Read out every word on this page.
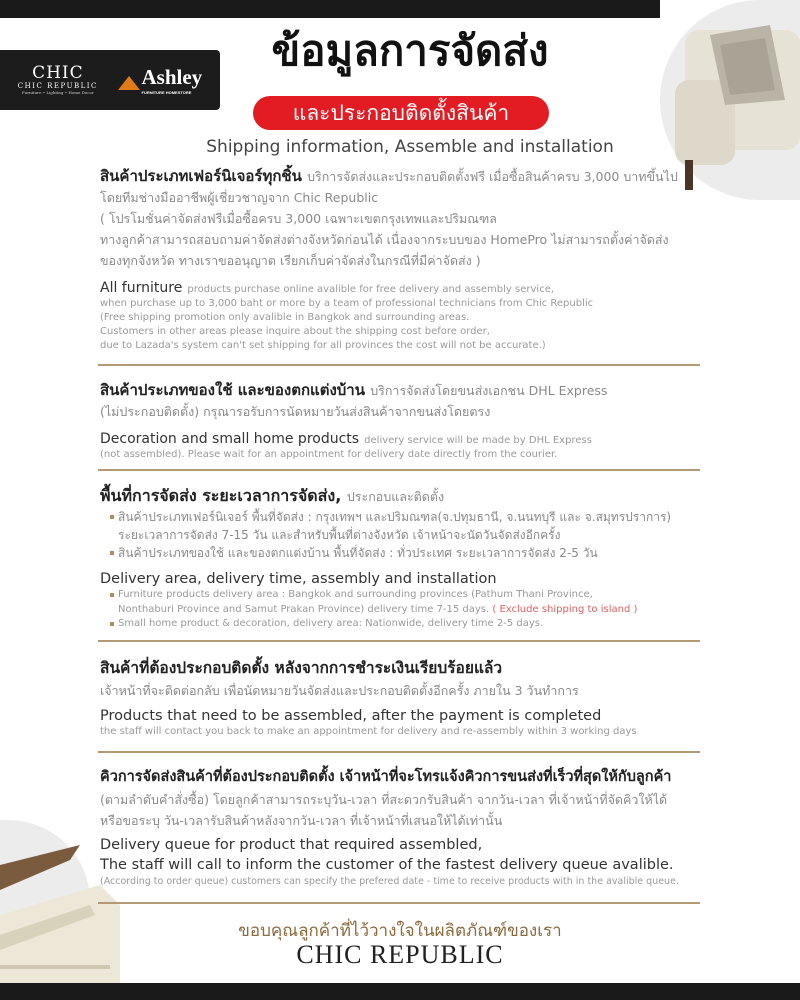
CHIC
CHIC REPUBLIC
Furniture • Lighting • Home Decor
Ashley
FURNITURE HOMESTORE
ข้อมูลการจัดส่ง
และประกอบติดตั้งสินค้า
Shipping information, Assemble and installation
สินค้าประเภทเฟอร์นิเจอร์ทุกชิ้น บริการจัดส่งและประกอบติดตั้งฟรี เมื่อซื้อสินค้าครบ 3,000 บาทขึ้นไป
โดยทีมช่างมืออาชีพผู้เชี่ยวชาญจาก Chic Republic
( โปรโมชั่นค่าจัดส่งฟรีเมื่อซื้อครบ 3,000 เฉพาะเขตกรุงเทพและปริมณฑล
ทางลูกค้าสามารถสอบถามค่าจัดส่งต่างจังหวัดก่อนได้ เนื่องจากระบบของ HomePro ไม่สามารถตั้งค่าจัดส่ง
ของทุกจังหวัด ทางเราขออนุญาต เรียกเก็บค่าจัดส่งในกรณีที่มีค่าจัดส่ง )
All furniture products purchase online avalible for free delivery and assembly service,
when purchase up to 3,000 baht or more by a team of professional technicians from Chic Republic
(Free shipping promotion only avalible in Bangkok and surrounding areas.
Customers in other areas please inquire about the shipping cost before order,
due to Lazada's system can't set shipping for all provinces the cost will not be accurate.)
สินค้าประเภทของใช้ และของตกแต่งบ้าน บริการจัดส่งโดยขนส่งเอกชน DHL Express
(ไม่ประกอบติดตั้ง) กรุณารอรับการนัดหมายวันส่งสินค้าจากขนส่งโดยตรง
Decoration and small home products delivery service will be made by DHL Express
(not assembled). Please wait for an appointment for delivery date directly from the courier.
พื้นที่การจัดส่ง ระยะเวลาการจัดส่ง, ประกอบและติดตั้ง
สินค้าประเภทเฟอร์นิเจอร์ พื้นที่จัดส่ง : กรุงเทพฯ และปริมณฑล(จ.ปทุมธานี, จ.นนทบุรี และ จ.สมุทรปราการ)
ระยะเวลาการจัดส่ง 7-15 วัน และสำหรับพื้นที่ต่างจังหวัด เจ้าหน้าจะนัดวันจัดส่งอีกครั้ง
สินค้าประเภทของใช้ และของตกแต่งบ้าน พื้นที่จัดส่ง : ทั่วประเทศ ระยะเวลาการจัดส่ง 2-5 วัน
Delivery area, delivery time, assembly and installation
Furniture products delivery area : Bangkok and surrounding provinces (Pathum Thani Province,
Nonthaburi Province and Samut Prakan Province) delivery time 7-15 days. ( Exclude shipping to island )
Small home product & decoration, delivery area: Nationwide, delivery time 2-5 days.
สินค้าที่ต้องประกอบติดตั้ง หลังจากการชำระเงินเรียบร้อยแล้ว
เจ้าหน้าที่จะติดต่อกลับ เพื่อนัดหมายวันจัดส่งและประกอบติดตั้งอีกครั้ง ภายใน 3 วันทำการ
Products that need to be assembled, after the payment is completed
the staff will contact you back to make an appointment for delivery and re-assembly within 3 working days
คิวการจัดส่งสินค้าที่ต้องประกอบติดตั้ง เจ้าหน้าที่จะโทรแจ้งคิวการขนส่งที่เร็วที่สุดให้กับลูกค้า
(ตามลำดับคำสั่งซื้อ) โดยลูกค้าสามารถระบุวัน-เวลา ที่สะดวกรับสินค้า จากวัน-เวลา ที่เจ้าหน้าที่จัดคิวให้ได้
หรือขอระบุ วัน-เวลารับสินค้าหลังจากวัน-เวลา ที่เจ้าหน้าที่เสนอให้ได้เท่านั้น
Delivery queue for product that required assembled,
The staff will call to inform the customer of the fastest delivery queue avalible.
(According to order queue) customers can specify the prefered date - time to receive products with in the avalible queue.
ขอบคุณลูกค้าที่ไว้วางใจในผลิตภัณฑ์ของเรา
CHIC REPUBLIC
